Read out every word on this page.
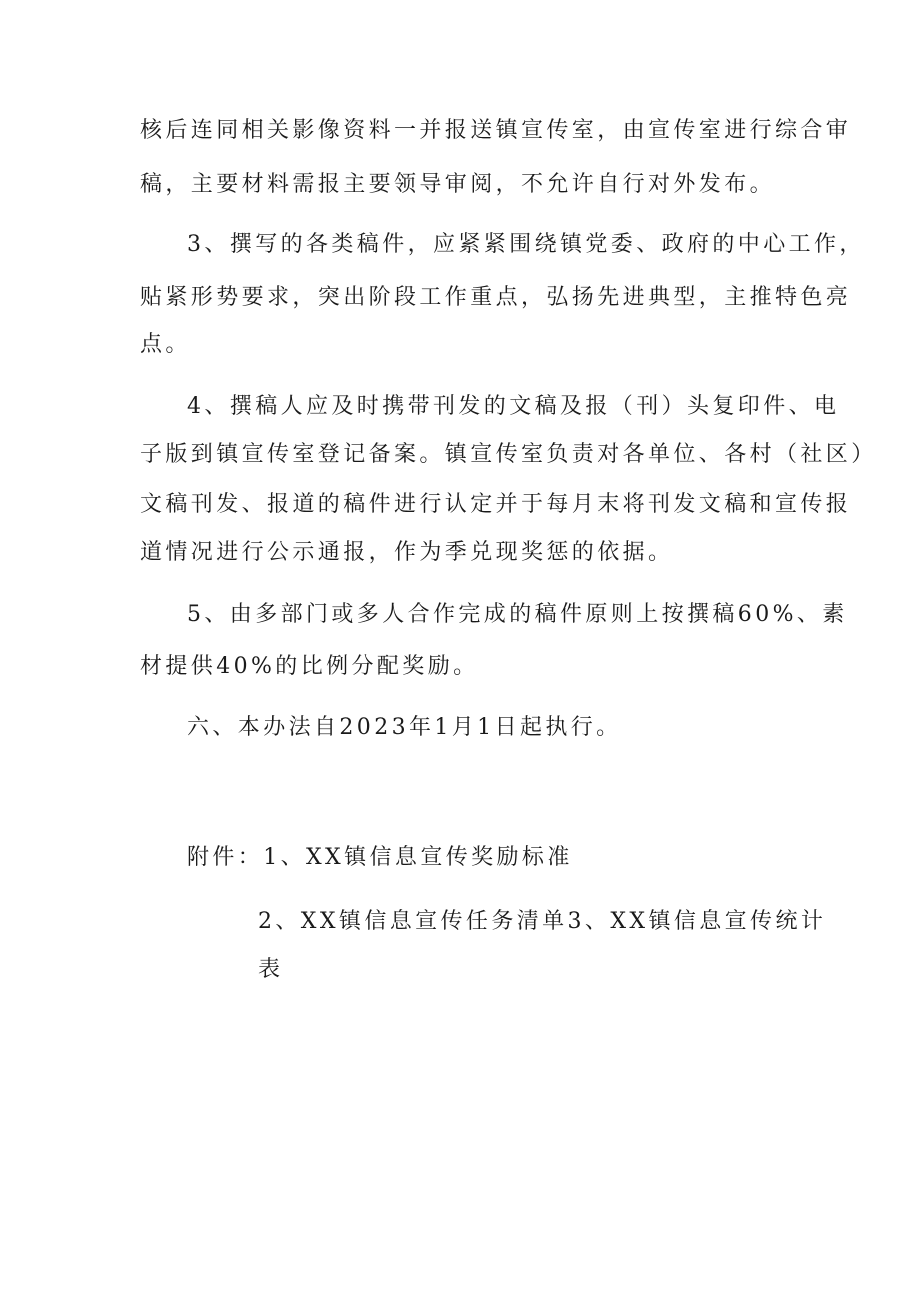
核后连同相关影像资料一并报送镇宣传室，由宣传室进行综合审
稿，主要材料需报主要领导审阅，不允许自行对外发布。
3、撰写的各类稿件，应紧紧围绕镇党委、政府的中心工作，
贴紧形势要求，突出阶段工作重点，弘扬先进典型，主推特色亮
点。
4、撰稿人应及时携带刊发的文稿及报（刊）头复印件、电
子版到镇宣传室登记备案。镇宣传室负责对各单位、各村（社区）
文稿刊发、报道的稿件进行认定并于每月末将刊发文稿和宣传报
道情况进行公示通报，作为季兑现奖惩的依据。
5、由多部门或多人合作完成的稿件原则上按撰稿60%、素
材提供40%的比例分配奖励。
六、本办法自2023年1月1日起执行。
附件：1、XX镇信息宣传奖励标准
2、XX镇信息宣传任务清单3、XX镇信息宣传统计
表
